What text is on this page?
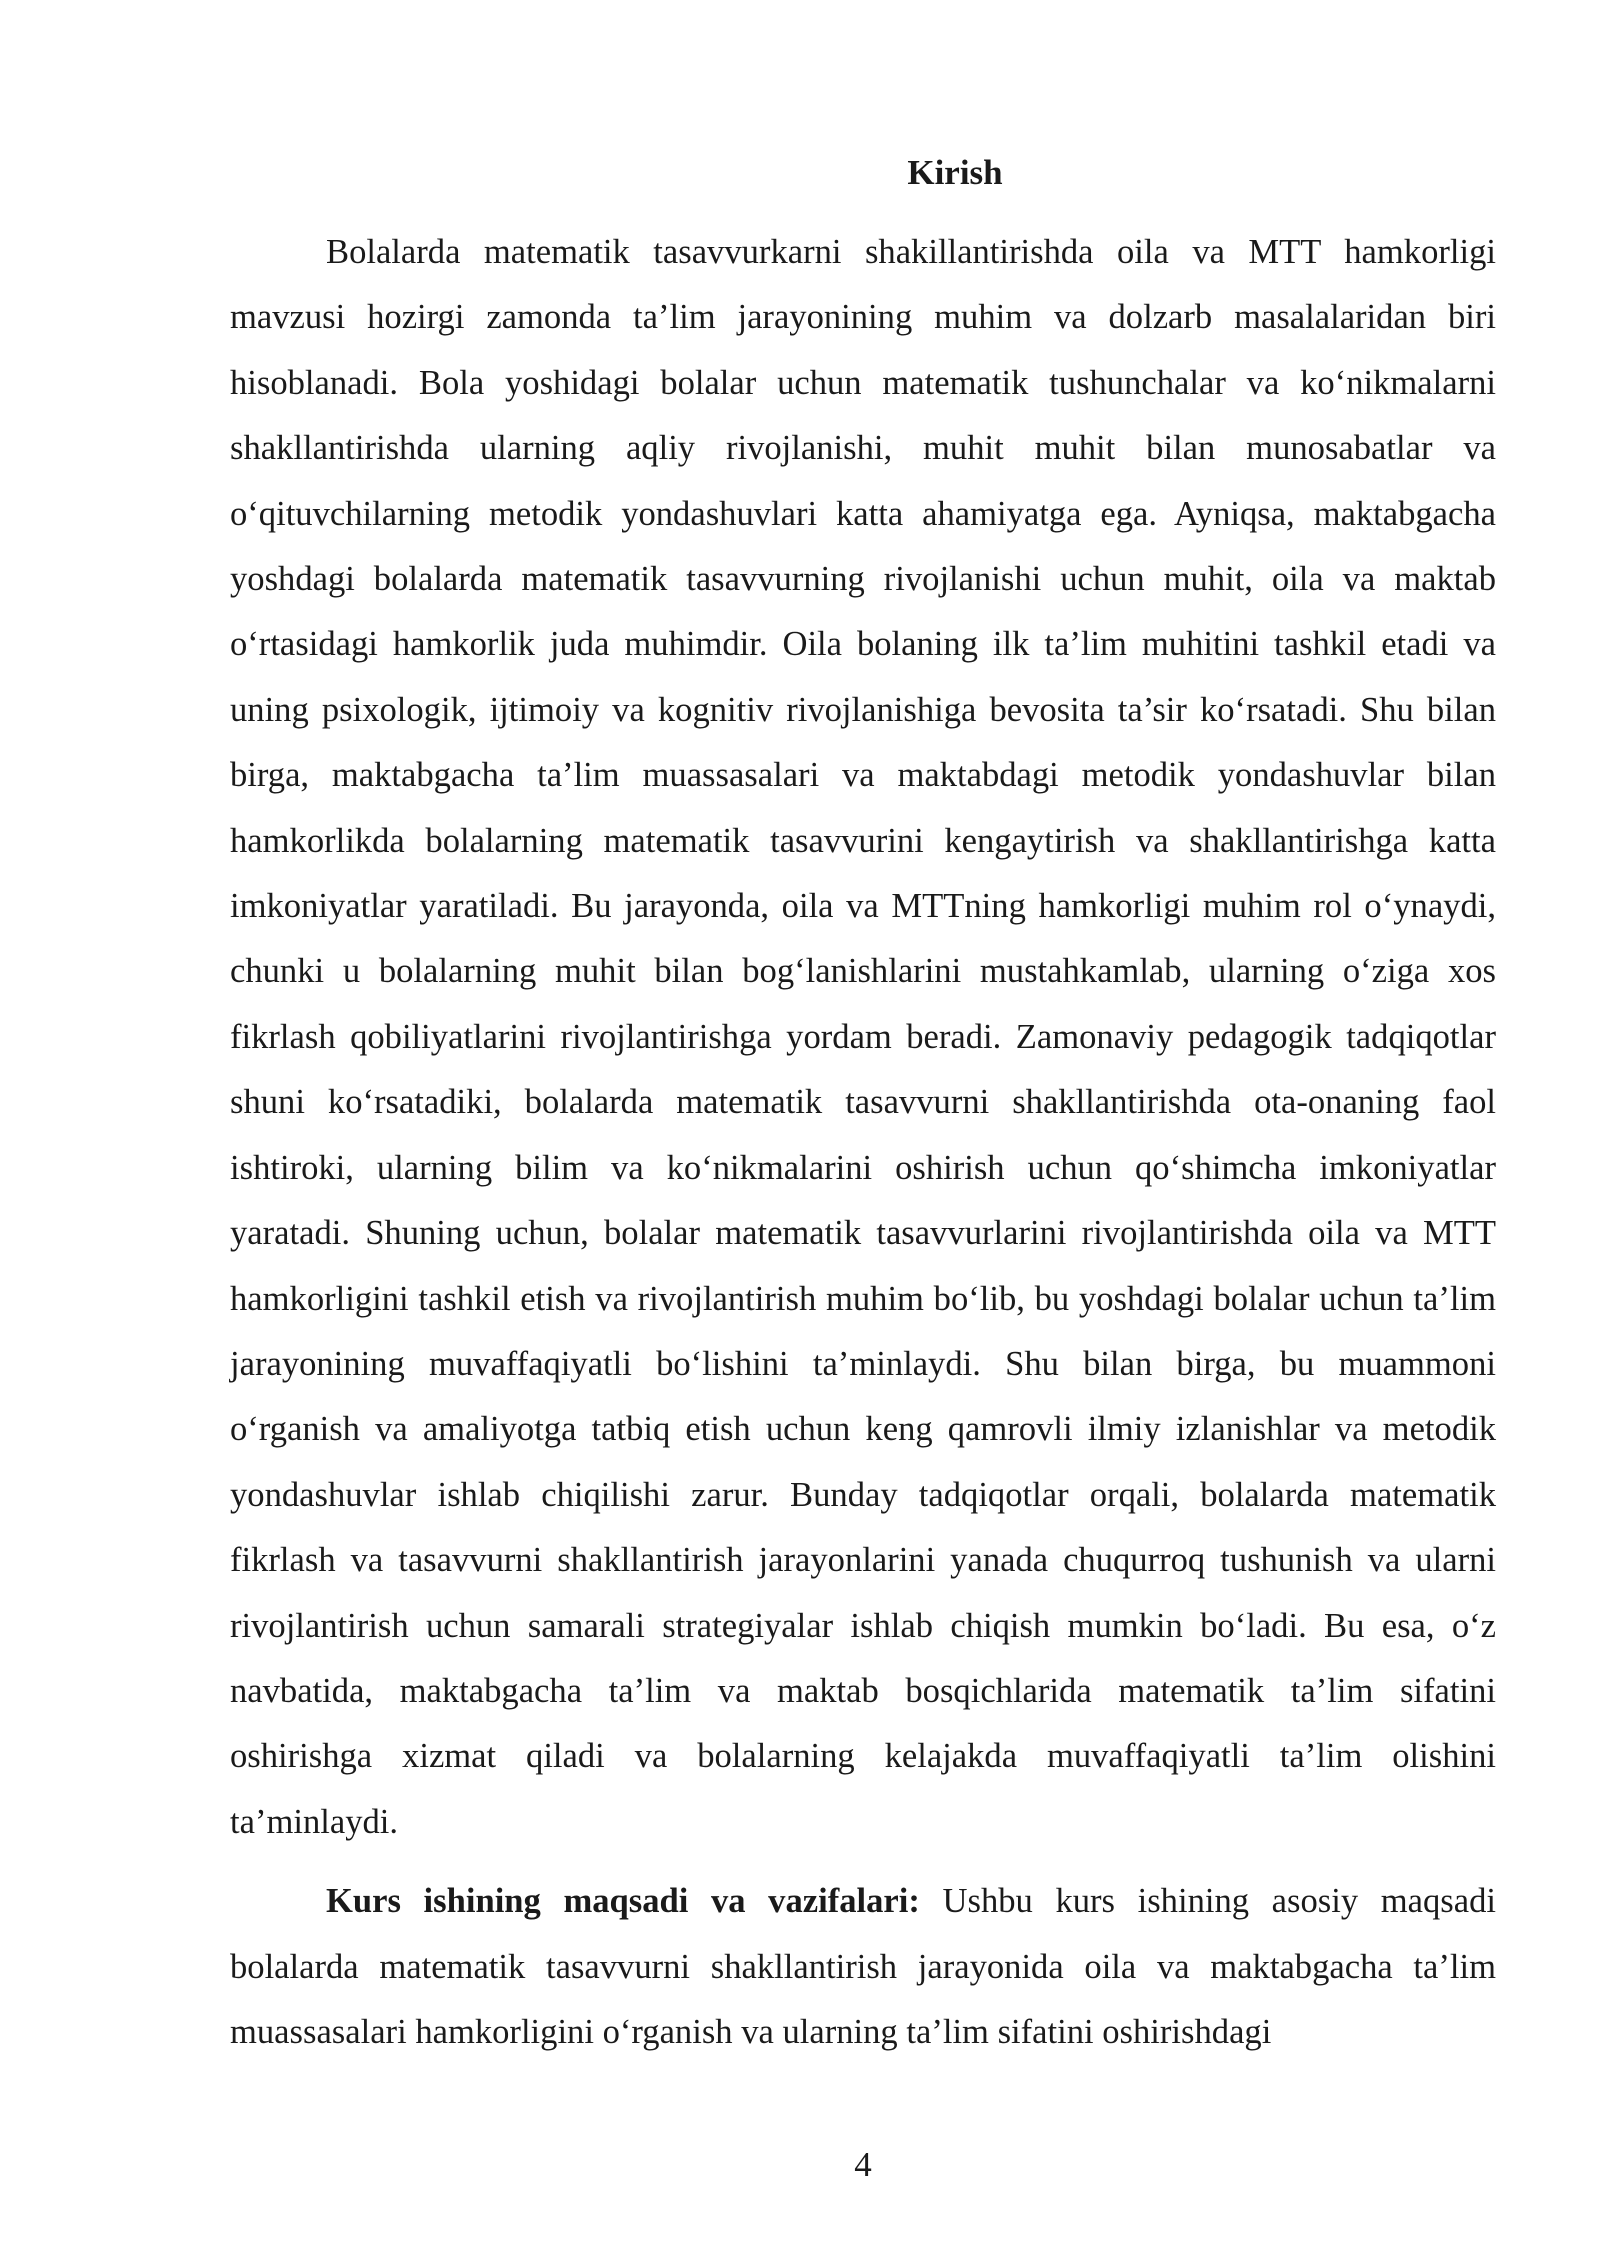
Kirish

Bolalarda matematik tasavvurkarni shakillantirishda oila va MTT hamkorligi mavzusi hozirgi zamonda ta’lim jarayonining muhim va dolzarb masalalaridan biri hisoblanadi. Bola yoshidagi bolalar uchun matematik tushunchalar va ko‘nikmalarni shakllantirishda ularning aqliy rivojlanishi, muhit muhit bilan munosabatlar va o‘qituvchilarning metodik yondashuvlari katta ahamiyatga ega. Ayniqsa, maktabgacha yoshdagi bolalarda matematik tasavvurning rivojlanishi uchun muhit, oila va maktab o‘rtasidagi hamkorlik juda muhimdir. Oila bolaning ilk ta’lim muhitini tashkil etadi va uning psixologik, ijtimoiy va kognitiv rivojlanishiga bevosita ta’sir ko‘rsatadi. Shu bilan birga, maktabgacha ta’lim muassasalari va maktabdagi metodik yondashuvlar bilan hamkorlikda bolalarning matematik tasavvurini kengaytirish va shakllantirishga katta imkoniyatlar yaratiladi. Bu jarayonda, oila va MTTning hamkorligi muhim rol o‘ynaydi, chunki u bolalarning muhit bilan bog‘lanishlarini mustahkamlab, ularning o‘ziga xos fikrlash qobiliyatlarini rivojlantirishga yordam beradi. Zamonaviy pedagogik tadqiqotlar shuni ko‘rsatadiki, bolalarda matematik tasavvurni shakllantirishda ota-onaning faol ishtiroki, ularning bilim va ko‘nikmalarini oshirish uchun qo‘shimcha imkoniyatlar yaratadi. Shuning uchun, bolalar matematik tasavvurlarini rivojlantirishda oila va MTT hamkorligini tashkil etish va rivojlantirish muhim bo‘lib, bu yoshdagi bolalar uchun ta’lim jarayonining muvaffaqiyatli bo‘lishini ta’minlaydi. Shu bilan birga, bu muammoni o‘rganish va amaliyotga tatbiq etish uchun keng qamrovli ilmiy izlanishlar va metodik yondashuvlar ishlab chiqilishi zarur. Bunday tadqiqotlar orqali, bolalarda matematik fikrlash va tasavvurni shakllantirish jarayonlarini yanada chuqurroq tushunish va ularni rivojlantirish uchun samarali strategiyalar ishlab chiqish mumkin bo‘ladi. Bu esa, o‘z navbatida, maktabgacha ta’lim va maktab bosqichlarida matematik ta’lim sifatini oshirishga xizmat qiladi va bolalarning kelajakda muvaffaqiyatli ta’lim olishini ta’minlaydi.

Kurs ishining maqsadi va vazifalari: Ushbu kurs ishining asosiy maqsadi bolalarda matematik tasavvurni shakllantirish jarayonida oila va maktabgacha ta’lim muassasalari hamkorligini o‘rganish va ularning ta’lim sifatini oshirishdagi

4
